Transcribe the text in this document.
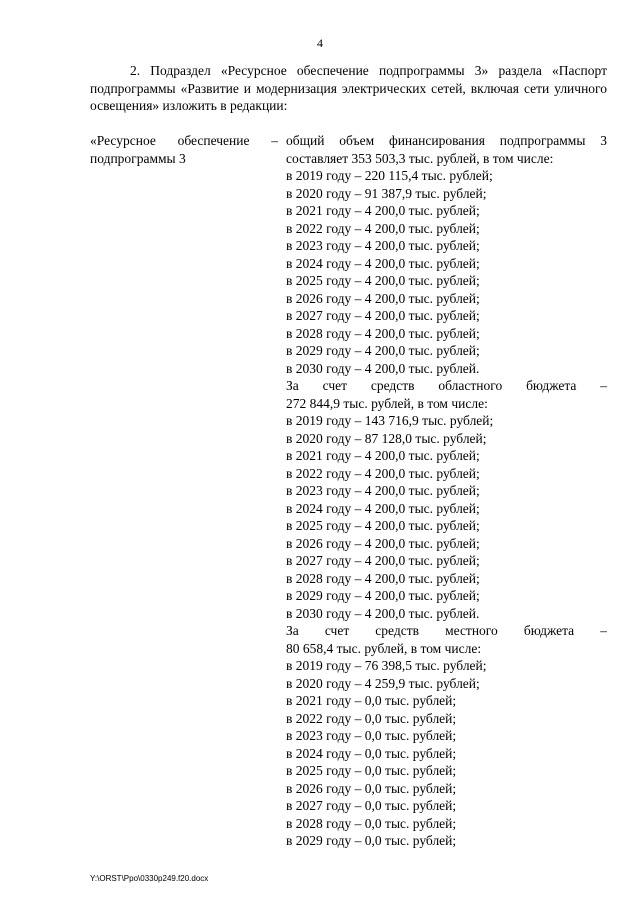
4

2. Подраздел «Ресурсное обеспечение подпрограммы 3» раздела «Паспорт подпрограммы «Развитие и модернизация электрических сетей, включая сети уличного освещения» изложить в редакции:

«Ресурсное обеспечение – подпрограммы 3
общий объем финансирования подпрограммы 3
составляет 353 503,3 тыс. рублей, в том числе:
в 2019 году – 220 115,4 тыс. рублей;
в 2020 году – 91 387,9 тыс. рублей;
в 2021 году – 4 200,0 тыс. рублей;
в 2022 году – 4 200,0 тыс. рублей;
в 2023 году – 4 200,0 тыс. рублей;
в 2024 году – 4 200,0 тыс. рублей;
в 2025 году – 4 200,0 тыс. рублей;
в 2026 году – 4 200,0 тыс. рублей;
в 2027 году – 4 200,0 тыс. рублей;
в 2028 году – 4 200,0 тыс. рублей;
в 2029 году – 4 200,0 тыс. рублей;
в 2030 году – 4 200,0 тыс. рублей.
За счет средств областного бюджета –
272 844,9 тыс. рублей, в том числе:
в 2019 году – 143 716,9 тыс. рублей;
в 2020 году – 87 128,0 тыс. рублей;
в 2021 году – 4 200,0 тыс. рублей;
в 2022 году – 4 200,0 тыс. рублей;
в 2023 году – 4 200,0 тыс. рублей;
в 2024 году – 4 200,0 тыс. рублей;
в 2025 году – 4 200,0 тыс. рублей;
в 2026 году – 4 200,0 тыс. рублей;
в 2027 году – 4 200,0 тыс. рублей;
в 2028 году – 4 200,0 тыс. рублей;
в 2029 году – 4 200,0 тыс. рублей;
в 2030 году – 4 200,0 тыс. рублей.
За счет средств местного бюджета –
80 658,4 тыс. рублей, в том числе:
в 2019 году – 76 398,5 тыс. рублей;
в 2020 году – 4 259,9 тыс. рублей;
в 2021 году – 0,0 тыс. рублей;
в 2022 году – 0,0 тыс. рублей;
в 2023 году – 0,0 тыс. рублей;
в 2024 году – 0,0 тыс. рублей;
в 2025 году – 0,0 тыс. рублей;
в 2026 году – 0,0 тыс. рублей;
в 2027 году – 0,0 тыс. рублей;
в 2028 году – 0,0 тыс. рублей;
в 2029 году – 0,0 тыс. рублей;
Y:\ORST\Ppo\0330p249.f20.docx
